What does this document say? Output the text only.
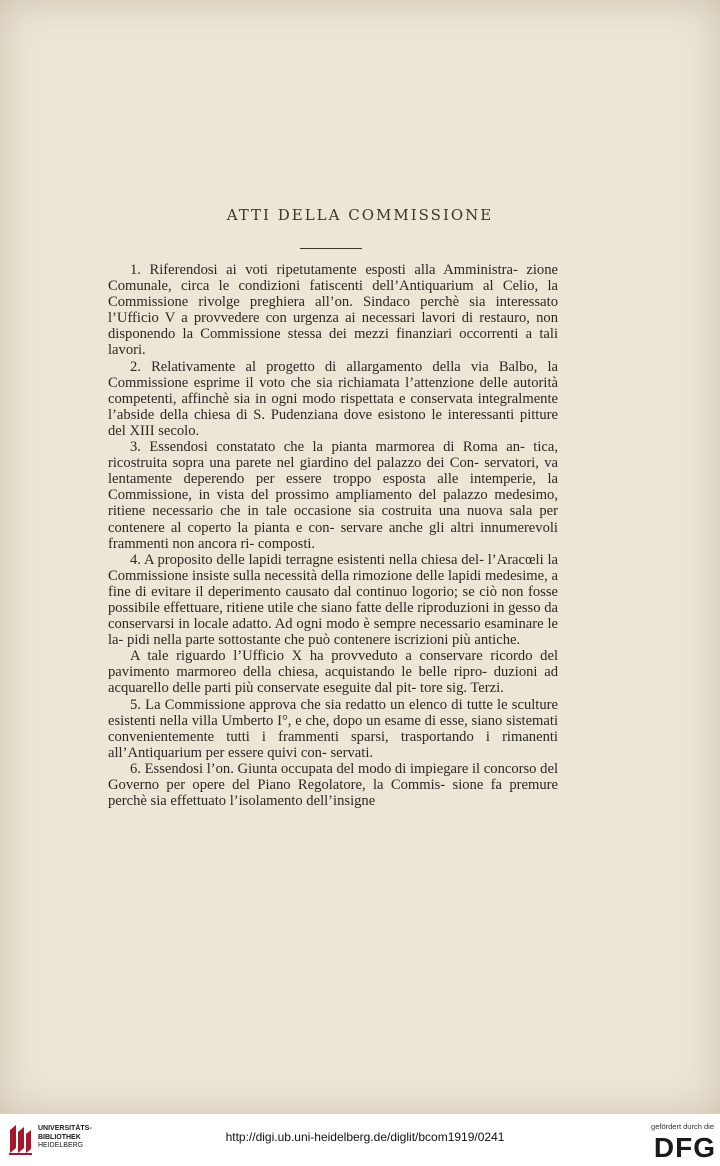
ATTI DELLA COMMISSIONE

1. Riferendosi ai voti ripetutamente esposti alla Amministra- zione Comunale, circa le condizioni fatiscenti dell’Antiquarium al Celio, la Commissione rivolge preghiera all’on. Sindaco perchè sia interessato l’Ufficio V a provvedere con urgenza ai necessari lavori di restauro, non disponendo la Commissione stessa dei mezzi finanziari occorrenti a tali lavori.

2. Relativamente al progetto di allargamento della via Balbo, la Commissione esprime il voto che sia richiamata l’attenzione delle autorità competenti, affinchè sia in ogni modo rispettata e conservata integralmente l’abside della chiesa di S. Pudenziana dove esistono le interessanti pitture del XIII secolo.

3. Essendosi constatato che la pianta marmorea di Roma an- tica, ricostruita sopra una parete nel giardino del palazzo dei Con- servatori, va lentamente deperendo per essere troppo esposta alle intemperie, la Commissione, in vista del prossimo ampliamento del palazzo medesimo, ritiene necessario che in tale occasione sia costruita una nuova sala per contenere al coperto la pianta e con- servare anche gli altri innumerevoli frammenti non ancora ri- composti.

4. A proposito delle lapidi terragne esistenti nella chiesa del- l’Aracœli la Commissione insiste sulla necessità della rimozione delle lapidi medesime, a fine di evitare il deperimento causato dal continuo logorio; se ciò non fosse possibile effettuare, ritiene utile che siano fatte delle riproduzioni in gesso da conservarsi in locale adatto. Ad ogni modo è sempre necessario esaminare le la- pidi nella parte sottostante che può contenere iscrizioni più antiche.

A tale riguardo l’Ufficio X ha provveduto a conservare ricordo del pavimento marmoreo della chiesa, acquistando le belle ripro- duzioni ad acquarello delle parti più conservate eseguite dal pit- tore sig. Terzi.

5. La Commissione approva che sia redatto un elenco di tutte le sculture esistenti nella villa Umberto I°, e che, dopo un esame di esse, siano sistemati convenientemente tutti i frammenti sparsi, trasportando i rimanenti all’Antiquarium per essere quivi con- servati.

6. Essendosi l’on. Giunta occupata del modo di impiegare il concorso del Governo per opere del Piano Regolatore, la Commis- sione fa premure perchè sia effettuato l’isolamento dell’insigne

UNIVERSITÄTS-
BIBLIOTHEK
HEIDELBERG
http://digi.ub.uni-heidelberg.de/diglit/bcom1919/0241
gefördert durch die
DFG
